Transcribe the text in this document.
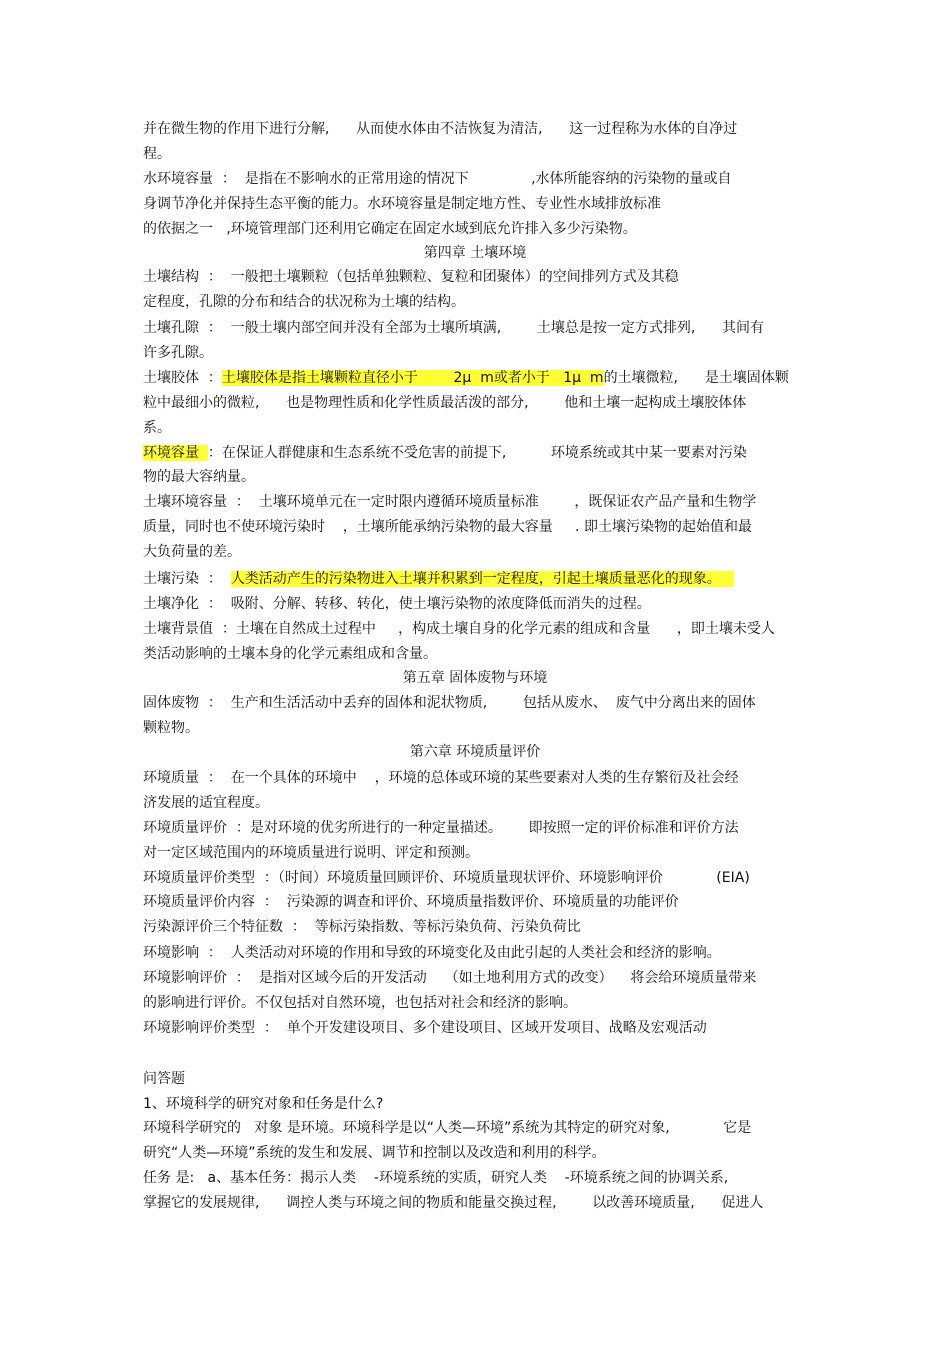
并在微生物的作用下进行分解,      从而使水体由不洁恢复为清洁,      这一过程称为水体的自净过
程。
水环境容量  ：  是指在不影响水的正常用途的情况下              ,水体所能容纳的污染物的量或自
身调节净化并保持生态平衡的能力。水环境容量是制定地方性、专业性水域排放标准
的依据之一   ,环境管理部门还利用它确定在固定水域到底允许排入多少污染物。
第四章 土壤环境
土壤结构  ：  一般把土壤颗粒（包括单独颗粒、复粒和团聚体）的空间排列方式及其稳
定程度，孔隙的分布和结合的状况称为土壤的结构。
土壤孔隙  ：  一般土壤内部空间并没有全部为土壤所填满,        土壤总是按一定方式排列,      其间有
许多孔隙。
土壤胶体  ：土壤胶体是指土壤颗粒直径小于        2μ  m或者小于   1μ  m的土壤微粒,      是土壤固体颗
粒中最细小的微粒,      也是物理性质和化学性质最活泼的部分,        他和土壤一起构成土壤胶体体
系。
环境容量  ：在保证人群健康和生态系统不受危害的前提下,          环境系统或其中某一要素对污染
物的最大容纳量。
土壤环境容量  ：  土壤环境单元在一定时限内遵循环境质量标准        ，既保证农产品产量和生物学
质量，同时也不使环境污染时    ，土壤所能承纳污染物的最大容量     . 即土壤污染物的起始值和最
大负荷量的差。
土壤污染  ：  人类活动产生的污染物进入土壤并积累到一定程度，引起土壤质量恶化的现象。
土壤净化  ：  吸附、分解、转移、转化，使土壤污染物的浓度降低而消失的过程。
土壤背景值  ：土壤在自然成土过程中     ，构成土壤自身的化学元素的组成和含量      ，即土壤未受人
类活动影响的土壤本身的化学元素组成和含量。
第五章 固体废物与环境
固体废物  ：  生产和生活活动中丢弃的固体和泥状物质,        包括从废水、  废气中分离出来的固体
颗粒物。
第六章 环境质量评价
环境质量  ：  在一个具体的环境中    ，环境的总体或环境的某些要素对人类的生存繁衍及社会经
济发展的适宜程度。
环境质量评价  ：是对环境的优劣所进行的一种定量描述。      即按照一定的评价标准和评价方法
对一定区域范围内的环境质量进行说明、评定和预测。
环境质量评价类型  ：（时间）环境质量回顾评价、环境质量现状评价、环境影响评价            (EIA)
环境质量评价内容  ：  污染源的调查和评价、环境质量指数评价、环境质量的功能评价
污染源评价三个特征数  ：  等标污染指数、等标污染负荷、污染负荷比
环境影响  ：  人类活动对环境的作用和导致的环境变化及由此引起的人类社会和经济的影响。
环境影响评价  ：  是指对区域今后的开发活动    （如土地利用方式的改变）    将会给环境质量带来
的影响进行评价。不仅包括对自然环境，也包括对社会和经济的影响。
环境影响评价类型  ：  单个开发建设项目、多个建设项目、区域开发项目、战略及宏观活动
问答题
1、环境科学的研究对象和任务是什么?
环境科学研究的   对象 是环境。环境科学是以“人类—环境”系统为其特定的研究对象,            它是
研究“人类—环境”系统的发生和发展、调节和控制以及改造和利用的科学。
任务 是:   a、基本任务：揭示人类    -环境系统的实质，研究人类    -环境系统之间的协调关系,
掌握它的发展规律,      调控人类与环境之间的物质和能量交换过程,        以改善环境质量,      促进人
